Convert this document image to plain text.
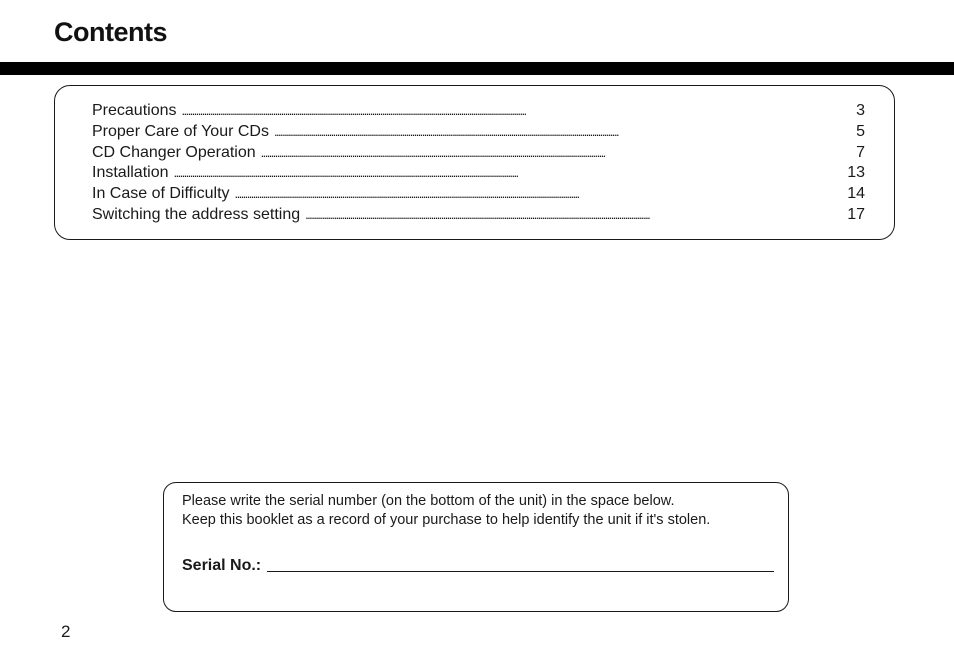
Contents
Precautions . . .	3
Proper Care of Your CDs . . .	5
CD Changer Operation . . .	7
Installation . . .	13
In Case of Difficulty . . .	14
Switching the address setting . . .	17

Please write the serial number (on the bottom of the unit) in the space below.
Keep this booklet as a record of your purchase to help identify the unit if it's stolen.

Serial No.:
2
